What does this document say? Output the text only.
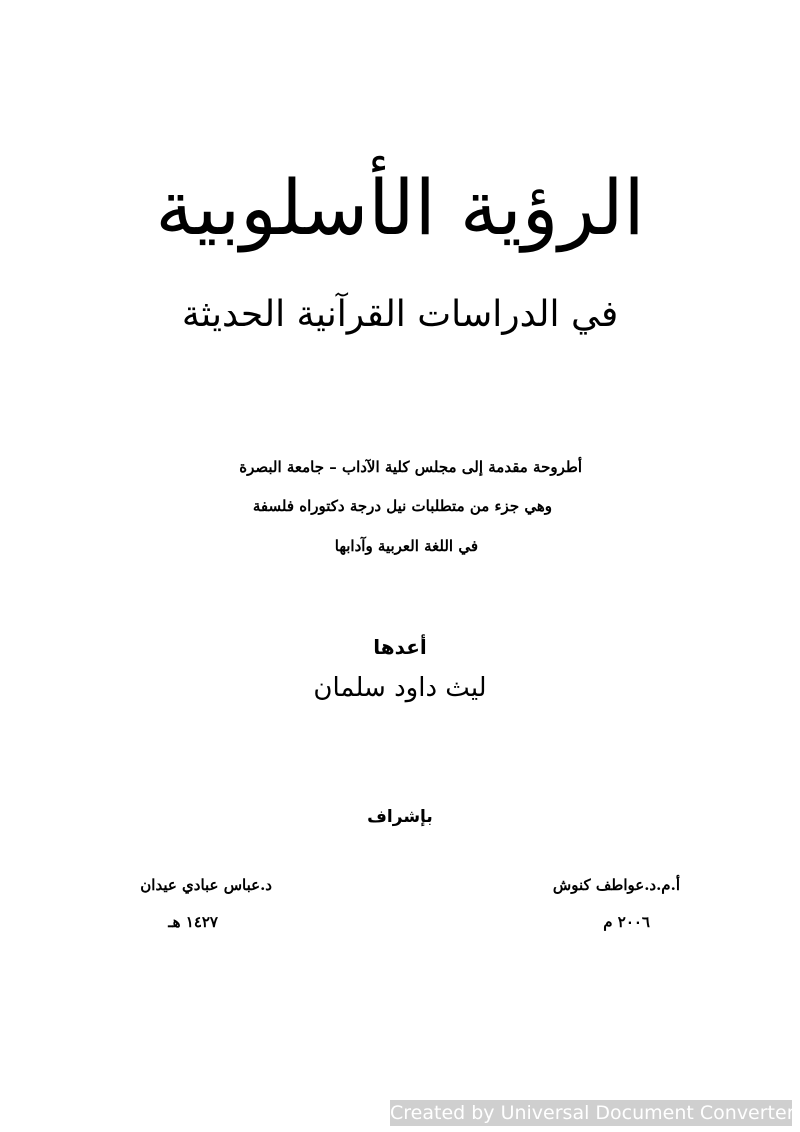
الرؤية الأسلوبية
في الدراسات القرآنية الحديثة
أطروحة مقدمة إلى مجلس كلية الآداب – جامعة البصرة
وهي جزء من متطلبات نيل درجة دكتوراه فلسفة
في اللغة العربية وآدابها
أعدها
ليث داود سلمان
بإشراف
أ.م.د.عواطف كنوش
د.عباس عبادي عيدان
٢٠٠٦ م
١٤٢٧ هـ
Created by Universal Document Converter
